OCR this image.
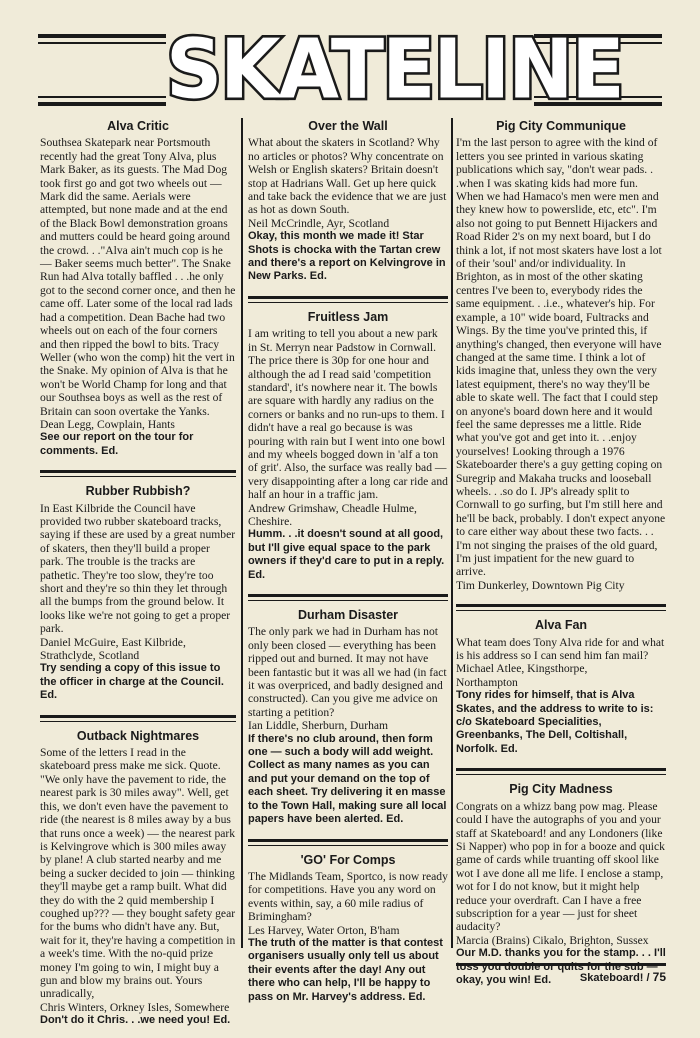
SKATELINE
Alva Critic
Southsea Skatepark near Portsmouth recently had the great Tony Alva, plus Mark Baker, as its guests. The Mad Dog took first go and got two wheels out — Mark did the same. Aerials were attempted, but none made and at the end of the Black Bowl demonstration groans and mutters could be heard going around the crowd. . ."Alva ain't much cop is he — Baker seems much better". The Snake Run had Alva totally baffled . . .he only got to the second corner once, and then he came off. Later some of the local rad lads had a competition. Dean Bache had two wheels out on each of the four corners and then ripped the bowl to bits. Tracy Weller (who won the comp) hit the vert in the Snake. My opinion of Alva is that he won't be World Champ for long and that our Southsea boys as well as the rest of Britain can soon overtake the Yanks.
Dean Legg, Cowplain, Hants
See our report on the tour for comments. Ed.
Rubber Rubbish?
In East Kilbride the Council have provided two rubber skateboard tracks, saying if these are used by a great number of skaters, then they'll build a proper park. The trouble is the tracks are pathetic. They're too slow, they're too short and they're so thin they let through all the bumps from the ground below. It looks like we're not going to get a proper park.
Daniel McGuire, East Kilbride,
Strathclyde, Scotland
Try sending a copy of this issue to the officer in charge at the Council. Ed.
Outback Nightmares
Some of the letters I read in the skateboard press make me sick. Quote. "We only have the pavement to ride, the nearest park is 30 miles away". Well, get this, we don't even have the pavement to ride (the nearest is 8 miles away by a bus that runs once a week) — the nearest park is Kelvingrove which is 300 miles away by plane! A club started nearby and me being a sucker decided to join — thinking they'll maybe get a ramp built. What did they do with the 2 quid membership I coughed up??? — they bought safety gear for the bums who didn't have any. But, wait for it, they're having a competition in a week's time. With the no-quid prize money I'm going to win, I might buy a gun and blow my brains out. Yours unradically,
Chris Winters, Orkney Isles, Somewhere
Don't do it Chris. . .we need you! Ed.
Over the Wall
What about the skaters in Scotland? Why no articles or photos? Why concentrate on Welsh or English skaters? Britain doesn't stop at Hadrians Wall. Get up here quick and take back the evidence that we are just as hot as down South.
Neil McCrindle, Ayr, Scotland
Okay, this month we made it! Star Shots is chocka with the Tartan crew and there's a report on Kelvingrove in New Parks. Ed.
Fruitless Jam
I am writing to tell you about a new park in St. Merryn near Padstow in Cornwall. The price there is 30p for one hour and although the ad I read said 'competition standard', it's nowhere near it. The bowls are square with hardly any radius on the corners or banks and no run-ups to them. I didn't have a real go because is was pouring with rain but I went into one bowl and my wheels bogged down in 'alf a ton of grit'. Also, the surface was really bad — very disappointing after a long car ride and half an hour in a traffic jam.
Andrew Grimshaw, Cheadle Hulme,
Cheshire.
Humm. . .it doesn't sound at all good, but I'll give equal space to the park owners if they'd care to put in a reply. Ed.
Durham Disaster
The only park we had in Durham has not only been closed — everything has been ripped out and burned. It may not have been fantastic but it was all we had (in fact it was overpriced, and badly designed and constructed). Can you give me advice on starting a petition?
Ian Liddle, Sherburn, Durham
If there's no club around, then form one — such a body will add weight. Collect as many names as you can and put your demand on the top of each sheet. Try delivering it en masse to the Town Hall, making sure all local papers have been alerted. Ed.
'GO' For Comps
The Midlands Team, Sportco, is now ready for competitions. Have you any word on events within, say, a 60 mile radius of Brimingham?
Les Harvey, Water Orton, B'ham
The truth of the matter is that contest organisers usually only tell us about their events after the day! Any out there who can help, I'll be happy to pass on Mr. Harvey's address. Ed.
Pig City Communique
I'm the last person to agree with the kind of letters you see printed in various skating publications which say, "don't wear pads. . .when I was skating kids had more fun. When we had Hamaco's men were men and they knew how to powerslide, etc, etc". I'm also not going to put Bennett Hijackers and Road Rider 2's on my next board, but I do think a lot, if not most skaters have lost a lot of their 'soul' and/or individuality. In Brighton, as in most of the other skating centres I've been to, everybody rides the same equipment. . .i.e., whatever's hip. For example, a 10" wide board, Fultracks and Wings. By the time you've printed this, if anything's changed, then everyone will have changed at the same time. I think a lot of kids imagine that, unless they own the very latest equipment, there's no way they'll be able to skate well. The fact that I could step on anyone's board down here and it would feel the same depresses me a little. Ride what you've got and get into it. . .enjoy yourselves! Looking through a 1976 Skateboarder there's a guy getting coping on Suregrip and Makaha trucks and looseball wheels. . .so do I. JP's already split to Cornwall to go surfing, but I'm still here and he'll be back, probably. I don't expect anyone to care either way about these two facts. . . I'm not singing the praises of the old guard, I'm just impatient for the new guard to arrive.
Tim Dunkerley, Downtown Pig City
Alva Fan
What team does Tony Alva ride for and what is his address so I can send him fan mail?
Michael Atlee, Kingsthorpe,
Northampton
Tony rides for himself, that is Alva Skates, and the address to write to is: c/o Skateboard Specialities, Greenbanks, The Dell, Coltishall, Norfolk. Ed.
Pig City Madness
Congrats on a whizz bang pow mag. Please could I have the autographs of you and your staff at Skateboard! and any Londoners (like Si Napper) who pop in for a booze and quick game of cards while truanting off skool like wot I ave done all me life. I enclose a stamp, wot for I do not know, but it might help reduce your overdraft. Can I have a free subscription for a year — just for sheet audacity?
Marcia (Brains) Cikalo, Brighton, Sussex
Our M.D. thanks you for the stamp. . . I'll toss you double or quits for the sub — okay, you win! Ed.	Skateboard! / 75
